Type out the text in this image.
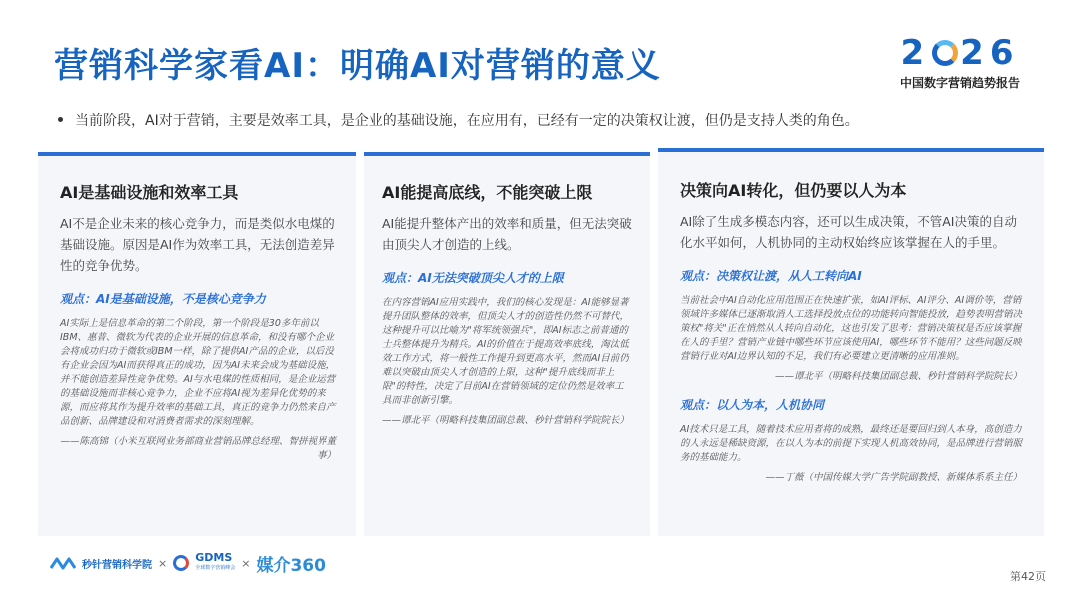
营销科学家看AI：明确AI对营销的意义	2 26
中国数字营销趋势报告
当前阶段，AI对于营销，主要是效率工具，是企业的基础设施，在应用有，已经有一定的决策权让渡，但仍是支持人类的角色。
AI是基础设施和效率工具
AI不是企业未来的核心竞争力，而是类似水电煤的基础设施。原因是AI作为效率工具，无法创造差异性的竞争优势。
观点：AI是基础设施，不是核心竞争力
AI实际上是信息革命的第二个阶段，第一个阶段是30多年前以IBM、惠普、微软为代表的企业开展的信息革命，和没有哪个企业会将成功归功于微软或IBM一样，除了提供AI产品的企业，以后没有企业会因为AI而获得真正的成功，因为AI未来会成为基础设施，并不能创造差异性竞争优势。AI与水电煤的性质相同，是企业运营的基础设施而非核心竞争力，企业不应将AI视为差异化优势的来源，而应将其作为提升效率的基础工具，真正的竞争力仍然来自产品创新、品牌建设和对消费者需求的深刻理解。
——陈高锦（小米互联网业务部商业营销品牌总经理、智拼视界董事）
AI能提高底线，不能突破上限
AI能提升整体产出的效率和质量，但无法突破由顶尖人才创造的上线。
观点：AI无法突破顶尖人才的上限
在内容营销AI应用实践中，我们的核心发现是：AI能够显著提升团队整体的效率，但顶尖人才的创造性仍然不可替代，这种提升可以比喻为"将军统领强兵"，即AI标志之前普通的士兵整体提升为精兵。AI的价值在于提高效率底线，淘汰低效工作方式，将一般性工作提升到更高水平，然而AI目前仍难以突破由顶尖人才创造的上限，这种"提升底线而非上限"的特性，决定了目前AI在营销领域的定位仍然是效率工具而非创新引擎。
——谭北平（明略科技集团副总裁、秒针营销科学院院长）
决策向AI转化，但仍要以人为本
AI除了生成多模态内容，还可以生成决策，不管AI决策的自动化水平如何，人机协同的主动权始终应该掌握在人的手里。
观点：决策权让渡，从人工转向AI
当前社会中AI自动化应用范围正在快速扩张，如AI评标、AI评分、AI调价等，营销领域许多媒体已逐渐取消人工选择投放点位的功能转向智能投放，趋势表明营销决策权"将关"正在悄然从人转向自动化，这也引发了思考：营销决策权是否应该掌握在人的手里？营销产业链中哪些环节应该使用AI，哪些环节不能用？这些问题反映营销行业对AI边界认知的不足，我们有必要建立更清晰的应用准则。
——谭北平（明略科技集团副总裁、秒针营销科学院院长）
观点：以人为本，人机协同
AI技术只是工具，随着技术应用者将的成熟，最终还是要回归到人本身，高创造力的人永远是稀缺资源，在以人为本的前提下实现人机高效协同，是品牌进行营销服务的基础能力。
——丁薇（中国传媒大学广告学院副教授、新媒体系系主任）
秒针营销科学院 ×	GDMS
全球数字营销峰会 × 媒介360
第42页
